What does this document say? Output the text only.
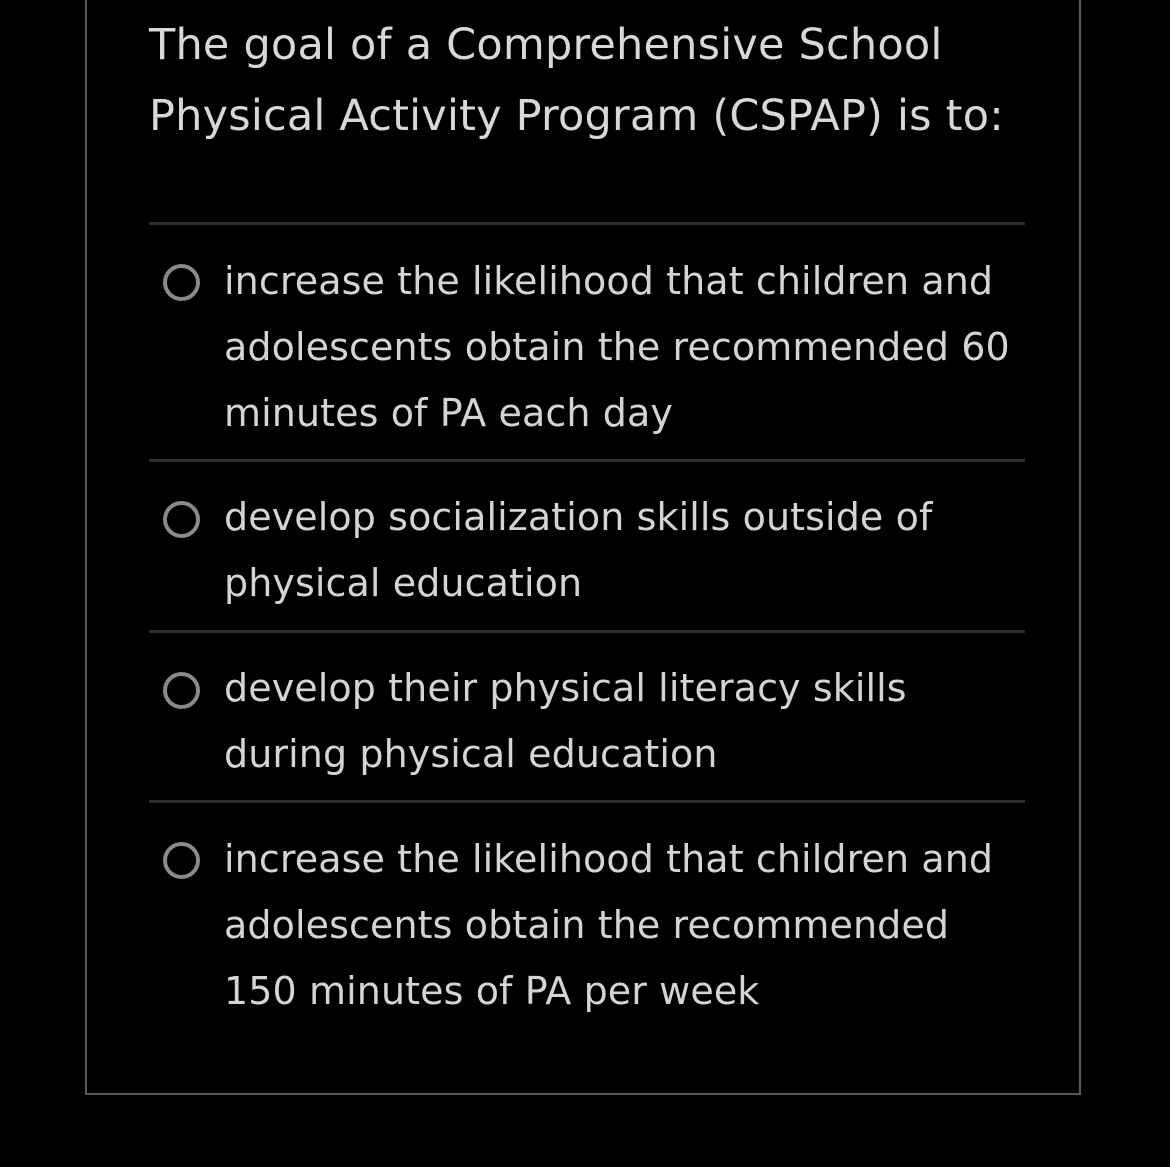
The goal of a Comprehensive School Physical Activity Program (CSPAP) is to:
increase the likelihood that children and adolescents obtain the recommended 60 minutes of PA each day
develop socialization skills outside of physical education
develop their physical literacy skills during physical education
increase the likelihood that children and adolescents obtain the recommended 150 minutes of PA per week
